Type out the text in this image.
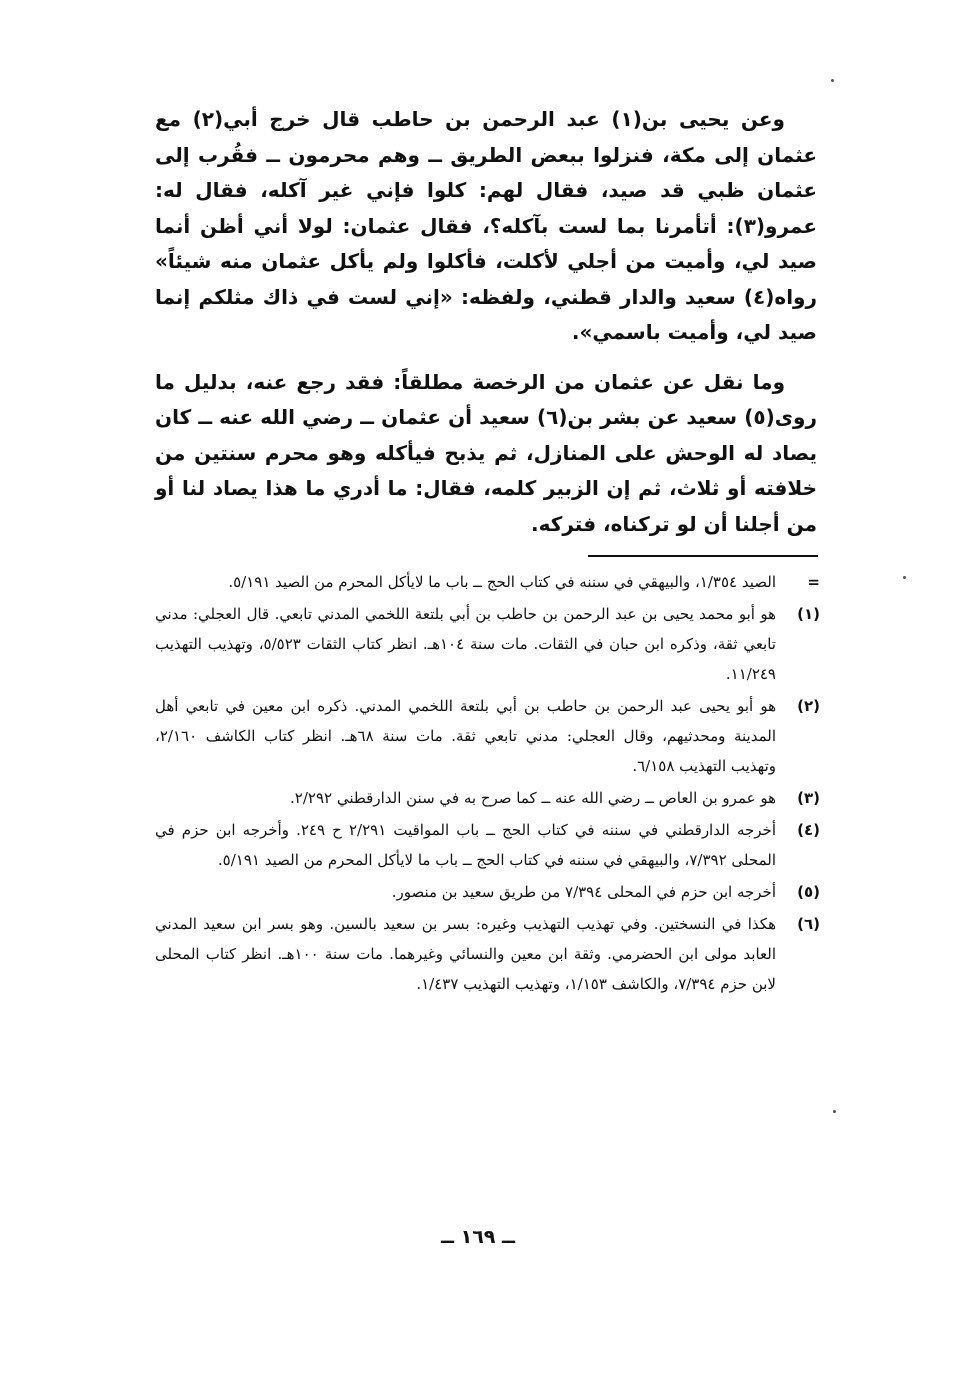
وعن يحيى بن(١) عبد الرحمن بن حاطب قال خرج أبي(٢) مع عثمان إلى مكة، فنزلوا ببعض الطريق ــ وهم محرمون ــ فقُرب إلى عثمان ظبي قد صيد، فقال لهم: كلوا فإني غير آكله، فقال له: عمرو(٣): أتأمرنا بما لست بآكله؟، فقال عثمان: لولا أني أظن أنما صيد لي، وأميت من أجلي لأكلت، فأكلوا ولم يأكل عثمان منه شيئاً» رواه(٤) سعيد والدار قطني، ولفظه: «إني لست في ذاك مثلكم إنما صيد لي، وأميت باسمي».

وما نقل عن عثمان من الرخصة مطلقاً: فقد رجع عنه، بدليل ما روى(٥) سعيد عن بشر بن(٦) سعيد أن عثمان ــ رضي الله عنه ــ كان يصاد له الوحش على المنازل، ثم يذبح فيأكله وهو محرم سنتين من خلافته أو ثلاث، ثم إن الزبير كلمه، فقال: ما أدري ما هذا يصاد لنا أو من أجلنا أن لو تركناه، فتركه.

=
الصيد ١/٣٥٤، والبيهقي في سننه في كتاب الحج ــ باب ما لايأكل المحرم من الصيد ٥/١٩١.
(١)
هو أبو محمد يحيى بن عبد الرحمن بن حاطب بن أبي بلتعة اللخمي المدني تابعي. قال العجلي: مدني تابعي ثقة، وذكره ابن حبان في الثقات. مات سنة ١٠٤هـ. انظر كتاب الثقات ٥/٥٢٣، وتهذيب التهذيب ١١/٢٤٩.
(٢)
هو أبو يحيى عبد الرحمن بن حاطب بن أبي بلتعة اللخمي المدني. ذكره ابن معين في تابعي أهل المدينة ومحدثيهم، وقال العجلي: مدني تابعي ثقة. مات سنة ٦٨هـ. انظر كتاب الكاشف ٢/١٦٠، وتهذيب التهذيب ٦/١٥٨.
(٣)
هو عمرو بن العاص ــ رضي الله عنه ــ كما صرح به في سنن الدارقطني ٢/٢٩٢.
(٤)
أخرجه الدارقطني في سننه في كتاب الحج ــ باب المواقيت ٢/٢٩١ ح ٢٤٩. وأخرجه ابن حزم في المحلى ٧/٣٩٢، والبيهقي في سننه في كتاب الحج ــ باب ما لايأكل المحرم من الصيد ٥/١٩١.
(٥)
أخرجه ابن حزم في المحلى ٧/٣٩٤ من طريق سعيد بن منصور.
(٦)
هكذا في النسختين. وفي تهذيب التهذيب وغيره: بسر بن سعيد بالسين. وهو بسر ابن سعيد المدني العابد مولى ابن الحضرمي. وثقة ابن معين والنسائي وغيرهما. مات سنة ١٠٠هـ. انظر كتاب المحلى لابن حزم ٧/٣٩٤، والكاشف ١/١٥٣، وتهذيب التهذيب ١/٤٣٧.
ــ ١٦٩ ــ
